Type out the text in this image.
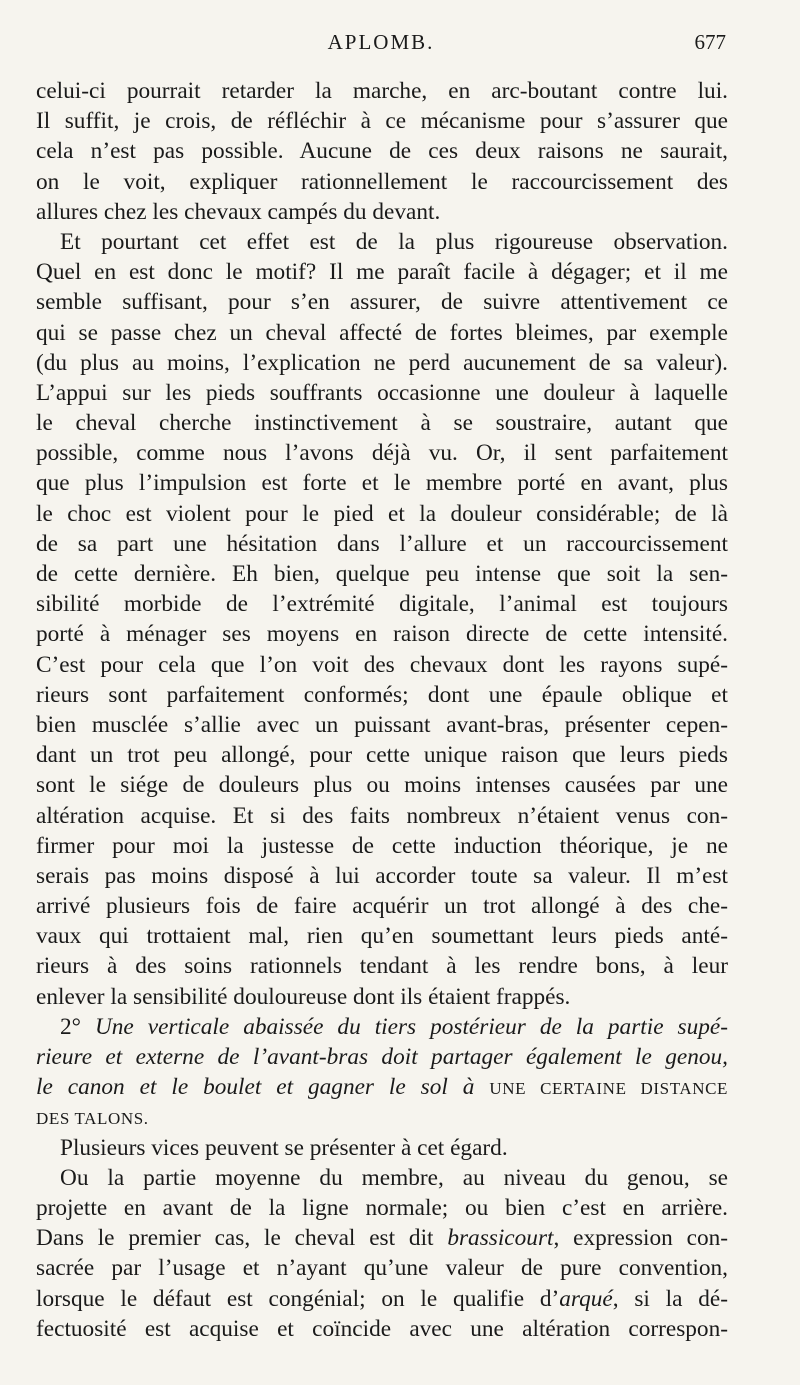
APLOMB.	677
celui-ci pourrait retarder la marche, en arc-boutant contre lui.
Il suffit, je crois, de réfléchir à ce mécanisme pour s’assurer que
cela n’est pas possible. Aucune de ces deux raisons ne saurait,
on le voit, expliquer rationnellement le raccourcissement des
allures chez les chevaux campés du devant.
Et pourtant cet effet est de la plus rigoureuse observation.
Quel en est donc le motif? Il me paraît facile à dégager; et il me
semble suffisant, pour s’en assurer, de suivre attentivement ce
qui se passe chez un cheval affecté de fortes bleimes, par exemple
(du plus au moins, l’explication ne perd aucunement de sa valeur).
L’appui sur les pieds souffrants occasionne une douleur à laquelle
le cheval cherche instinctivement à se soustraire, autant que
possible, comme nous l’avons déjà vu. Or, il sent parfaitement
que plus l’impulsion est forte et le membre porté en avant, plus
le choc est violent pour le pied et la douleur considérable; de là
de sa part une hésitation dans l’allure et un raccourcissement
de cette dernière. Eh bien, quelque peu intense que soit la sen-
sibilité morbide de l’extrémité digitale, l’animal est toujours
porté à ménager ses moyens en raison directe de cette intensité.
C’est pour cela que l’on voit des chevaux dont les rayons supé-
rieurs sont parfaitement conformés; dont une épaule oblique et
bien musclée s’allie avec un puissant avant-bras, présenter cepen-
dant un trot peu allongé, pour cette unique raison que leurs pieds
sont le siége de douleurs plus ou moins intenses causées par une
altération acquise. Et si des faits nombreux n’étaient venus con-
firmer pour moi la justesse de cette induction théorique, je ne
serais pas moins disposé à lui accorder toute sa valeur. Il m’est
arrivé plusieurs fois de faire acquérir un trot allongé à des che-
vaux qui trottaient mal, rien qu’en soumettant leurs pieds anté-
rieurs à des soins rationnels tendant à les rendre bons, à leur
enlever la sensibilité douloureuse dont ils étaient frappés.
2° Une verticale abaissée du tiers postérieur de la partie supé-
rieure et externe de l’avant-bras doit partager également le genou,
le canon et le boulet et gagner le sol à UNE CERTAINE DISTANCE
DES TALONS.
Plusieurs vices peuvent se présenter à cet égard.
Ou la partie moyenne du membre, au niveau du genou, se
projette en avant de la ligne normale; ou bien c’est en arrière.
Dans le premier cas, le cheval est dit brassicourt, expression con-
sacrée par l’usage et n’ayant qu’une valeur de pure convention,
lorsque le défaut est congénial; on le qualifie d’arqué, si la dé-
fectuosité est acquise et coïncide avec une altération correspon-
